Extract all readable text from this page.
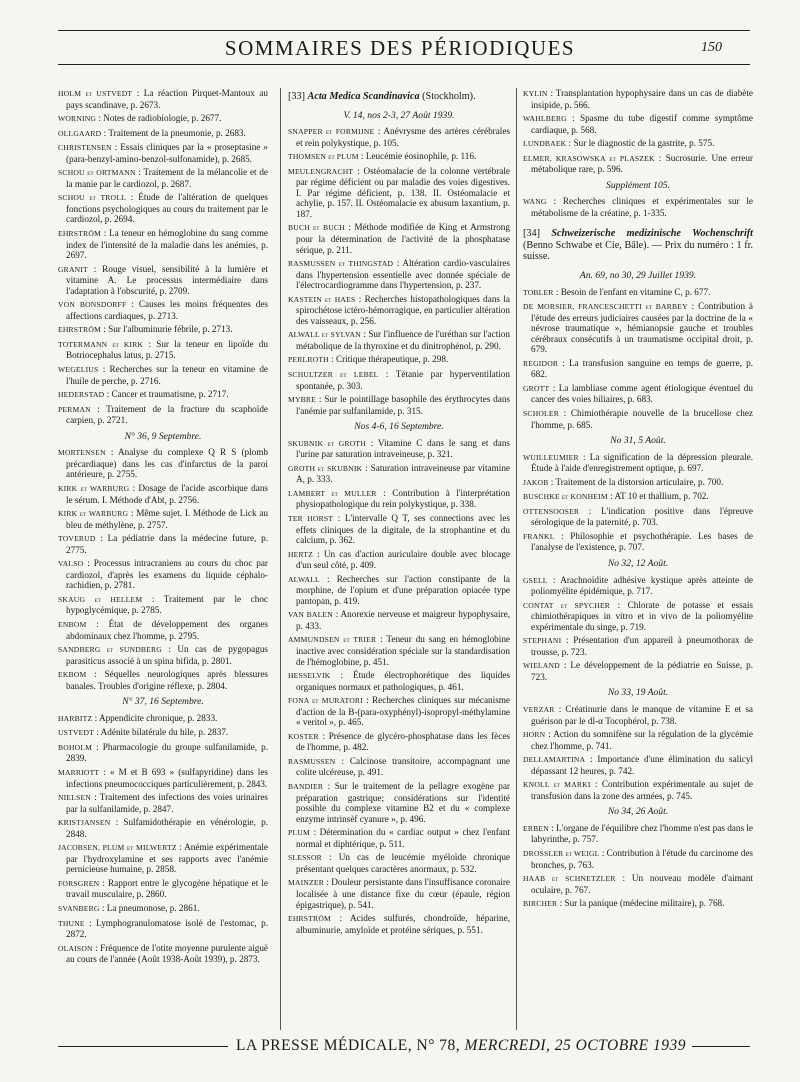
SOMMAIRES DES PÉRIODIQUES	150

HOLM et USTVEDT : La réaction Pirquet-Mantoux au pays scandinave, p. 2673.

WORNING : Notes de radiobiologie, p. 2677.

OLLGAARD : Traitement de la pneumonie, p. 2683.

CHRISTENSEN : Essais cliniques par la « proseptasine » (para-benzyl-amino-benzol-sulfonamide), p. 2685.

SCHOU et ORTMANN : Traitement de la mélancolie et de la manie par le cardiozol, p. 2687.

SCHOU et TROLL : Étude de l'altération de quelques fonctions psychologiques au cours du traitement par le cardiozol, p. 2694.

EHRSTRÖM : La teneur en hémoglobine du sang comme index de l'intensité de la maladie dans les anémies, p. 2697.

GRANIT : Rouge visuel, sensibilité à la lumière et vitamine A. Le processus intermédiaire dans l'adaptation à l'obscurité, p. 2709.

VON BONSDORFF : Causes les moins fréquentes des affections cardiaques, p. 2713.

EHRSTRÖM : Sur l'albuminurie fébrile, p. 2713.

TOTERMANN et KIRK : Sur la teneur en lipoïde du Botriocephalus latus, p. 2715.

WEGELIUS : Recherches sur la teneur en vitamine de l'huile de perche, p. 2716.

HEDERSTAD : Cancer et traumatisme, p. 2717.

PERMAN : Traitement de la fracture du scaphoïde carpien, p. 2721.

N° 36, 9 Septembre.

MORTENSEN : Analyse du complexe Q R S (plomb précardiaque) dans les cas d'infarctus de la paroi antérieure, p. 2755.

KIRK et WARBURG : Dosage de l'acide ascorbique dans le sérum. I. Méthode d'Abt, p. 2756.

KIRK et WARBURG : Même sujet. I. Méthode de Lick au bleu de méthylène, p. 2757.

TOVERUD : La pédiatrie dans la médecine future, p. 2775.

VALSO : Processus intracraniens au cours du choc par cardiozol, d'après les examens du liquide céphalo-rachidien, p. 2781.

SKAUG et HELLEM : Traitement par le choc hypoglycémique, p. 2785.

ENBOM : État de développement des organes abdominaux chez l'homme, p. 2795.

SANDBERG et SUNDBERG : Un cas de pygopagus parasiticus associé à un spina bifida, p. 2801.

EKBOM : Séquelles neurologiques après blessures banales. Troubles d'origine réflexe, p. 2804.

N° 37, 16 Septembre.

HARBITZ : Appendicite chronique, p. 2833.

USTVEDT : Adénite bilatérale du hile, p. 2837.

BOHOLM : Pharmacologie du groupe sulfanilamide, p. 2839.

MARRIOTT : « M et B 693 » (sulfapyridine) dans les infections pneumococciques particulièrement, p. 2843.

NIELSEN : Traitement des infections des voies urinaires par la sulfanilamide, p. 2847.

KRISTJANSEN : Sulfamidothérapie en vénérologie, p. 2848.

JACOBSEN, PLUM et MILWERTZ : Anémie expérimentale par l'hydroxylamine et ses rapports avec l'anémie pernicieuse humaine, p. 2858.

FORSGREN : Rapport entre le glycogène hépatique et le travail musculaire, p. 2860.

SVANBERG : La pneumonose, p. 2861.

THUNE : Lymphogranulomatose isolé de l'estomac, p. 2872.

OLAISON : Fréquence de l'otite moyenne purulente aiguë au cours de l'année (Août 1938-Août 1939), p. 2873.

[33] Acta Medica Scandinavica (Stockholm).
V. 14, nos 2-3, 27 Août 1939.

SNAPPER et FORMIJNE : Anévrysme des artères cérébrales et rein polykystique, p. 105.

THOMSEN et PLUM : Leucémie éosinophile, p. 116.

MEULENGRACHT : Ostéomalacie de la colonne vertébrale par régime déficient ou par maladie des voies digestives. I. Par régime déficient, p. 138. II. Ostéomalacie et achylie, p. 157. II. Ostéomalacie ex abusum laxantium, p. 187.

BUCH et BUCH : Méthode modifiée de King et Armstrong pour la détermination de l'activité de la phosphatase sérique, p. 211.

RASMUSSEN et THINGSTAD : Altération cardio-vasculaires dans l'hypertension essentielle avec donnée spéciale de l'électrocardiogramme dans l'hypertension, p. 237.

KASTEIN et HAES : Recherches histopathologiques dans la spirochétose ictéro-hémorragique, en particulier altération des vaisseaux, p. 256.

ALWALL et SYLVAN : Sur l'influence de l'uréthan sur l'action métabolique de la thyroxine et du dinitrophénol, p. 290.

PERLROTH : Critique thérapeutique, p. 298.

SCHULTZER et LEBEL : Tétanie par hyperventilation spontanée, p. 303.

MYBRE : Sur le pointillage basophile des érythrocytes dans l'anémie par sulfanilamide, p. 315.

Nos 4-6, 16 Septembre.

SKUBNIK et GROTH : Vitamine C dans le sang et dans l'urine par saturation intraveineuse, p. 321.

GROTH et SKUBNIK : Saturation intraveineuse par vitamine A, p. 333.

LAMBERT et MULLER : Contribution à l'interprétation physiopathologique du rein polykystique, p. 338.

TER HORST : L'intervalle Q T, ses connections avec les effets cliniques de la digitale, de la strophantine et du calcium, p. 362.

HERTZ : Un cas d'action auriculaire double avec blocage d'un seul côté, p. 409.

ALWALL : Recherches sur l'action constipante de la morphine, de l'opium et d'une préparation opiacée type pantopan, p. 419.

VAN BALEN : Anorexie nerveuse et maigreur hypophysaire, p. 433.

AMMUNDSEN et TRIER : Teneur du sang en hémoglobine inactive avec considération spéciale sur la standardisation de l'hémoglobine, p. 451.

HESSELVIK : Étude électrophorétique des liquides organiques normaux et pathologiques, p. 461.

FONA et MURATORI : Recherches cliniques sur mécanisme d'action de la B-(para-oxyphényl)-isopropyl-méthylamine « veritol », p. 465.

KOSTER : Présence de glycéro-phosphatase dans les fèces de l'homme, p. 482.

RASMUSSEN : Calcinose transitoire, accompagnant une colite ulcéreuse, p. 491.

BANDIER : Sur le traitement de la pellagre exogène par préparation gastrique; considérations sur l'identité possible du complexe vitamine B2 et du « complexe enzyme intrinsèf cyanure », p. 496.

PLUM : Détermination du « cardiac output » chez l'enfant normal et diphtérique, p. 511.

SLESSOR : Un cas de leucémie myéloïde chronique présentant quelques caractères anormaux, p. 532.

MAINZER : Douleur persistante dans l'insuffisance coronaire localisée à une distance fixe du cœur (épaule, région épigastrique), p. 541.

EHRSTRÖM : Acides sulfurés, chondroïde, héparine, albuminurie, amyloïde et protéine sériques, p. 551.

KYLIN : Transplantation hypophysaire dans un cas de diabète insipide, p. 566.

WAHLBERG : Spasme du tube digestif comme symptôme cardiaque, p. 568.

LUNDBAEK : Sur le diagnostic de la gastrite, p. 575.

ELMER, KRASOWSKA et PLASZEK : Sucrosurie. Une erreur métabolique rare, p. 596.

Supplément 105.

WANG : Recherches cliniques et expérimentales sur le métabolisme de la créatine, p. 1-335.

[34] Schweizerische medizinische Wochenschrift (Benno Schwabe et Cie, Bâle). — Prix du numéro : 1 fr. suisse.
An. 69, no 30, 29 Juillet 1939.

TOBLER : Besoin de l'enfant en vitamine C, p. 677.

DE MORSIER, FRANCESCHETTI et BARBEY : Contribution à l'étude des erreurs judiciaires causées par la doctrine de la « névrose traumatique », hémianopsie gauche et troubles cérébraux consécutifs à un traumatisme occipital droit, p. 679.

REGIDOR : La transfusion sanguine en temps de guerre, p. 682.

GROTT : La lambliase comme agent étiologique éventuel du cancer des voies biliaires, p. 683.

SCHOLER : Chimiothérapie nouvelle de la brucellose chez l'homme, p. 685.

No 31, 5 Août.

WUILLEUMIER : La signification de la dépression pleurale. Étude à l'aide d'enregistrement optique, p. 697.

JAKOB : Traitement de la distorsion articulaire, p. 700.

BUSCHKE et KONHEIM : AT 10 et thallium, p. 702.

OTTENSOOSER : L'indication positive dans l'épreuve sérologique de la paternité, p. 703.

FRANKL : Philosophie et psychothérapie. Les bases de l'analyse de l'existence, p. 707.

No 32, 12 Août.

GSELL : Arachnoïdite adhésive kystique après atteinte de poliomyélite épidémique, p. 717.

CONTAT et SPYCHER : Chlorate de potasse et essais chimiothérapiques in vitro et in vivo de la poliomyélite expérimentale du singe, p. 719.

STEPHANI : Présentation d'un appareil à pneumothorax de trousse, p. 723.

WIELAND : Le développement de la pédiatrie en Suisse, p. 723.

No 33, 19 Août.

VERZAR : Créatinurie dans le manque de vitamine E et sa guérison par le dl-α Tocophérol, p. 738.

HORN : Action du somnifène sur la régulation de la glycémie chez l'homme, p. 741.

DELLAMARTINA : Importance d'une élimination du salicyl dépassant 12 heures, p. 742.

KNOLL et MARKI : Contribution expérimentale au sujet de transfusion dans la zone des armées, p. 745.

No 34, 26 Août.

ERBEN : L'organe de l'équilibre chez l'homme n'est pas dans le labyrinthe, p. 757.

DROSSLER et WEIGL : Contribution à l'étude du carcinome des bronches, p. 763.

HAAB et SCHNETZLER : Un nouveau modèle d'aimant oculaire, p. 767.

BIRCHER : Sur la panique (médecine militaire), p. 768.

LA PRESSE MÉDICALE, N° 78, MERCREDI, 25 OCTOBRE 1939
